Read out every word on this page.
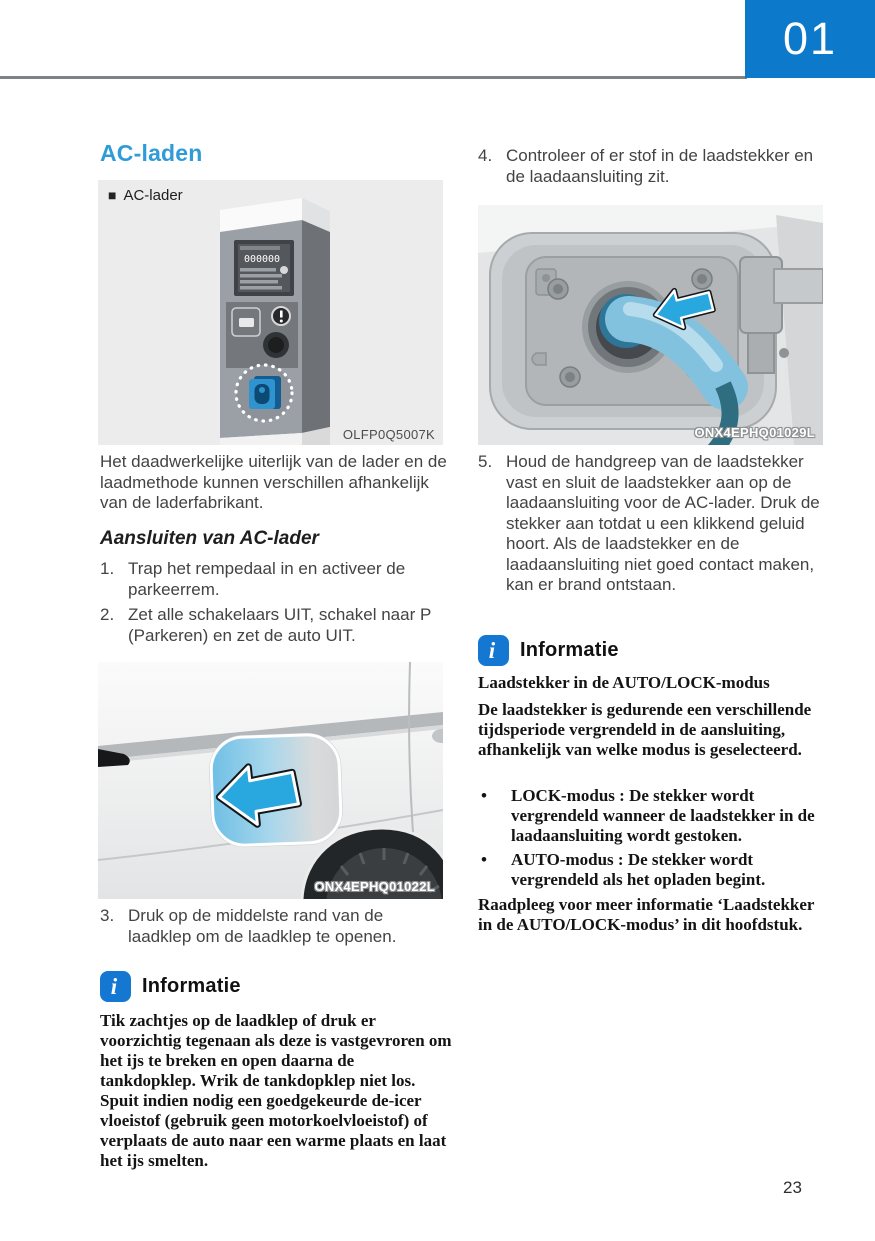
01
AC-laden
000000
■ AC-lader
OLFP0Q5007K
Het daadwerkelijke uiterlijk van de lader en de laadmethode kunnen verschillen afhankelijk van de laderfabrikant.
Aansluiten van AC-lader
1. Trap het rempedaal in en activeer de parkeerrem.
2. Zet alle schakelaars UIT, schakel naar P (Parkeren) en zet de auto UIT.
ONX4EPHQ01022L
3. Druk op de middelste rand van de laadklep om de laadklep te openen.
i	Informatie
Tik zachtjes op de laadklep of druk er voorzichtig tegenaan als deze is vastgevroren om het ijs te breken en open daarna de tankdopklep. Wrik de tankdopklep niet los. Spuit indien nodig een goedgekeurde de-icer vloeistof (gebruik geen motorkoelvloeistof) of verplaats de auto naar een warme plaats en laat het ijs smelten.
4. Controleer of er stof in de laadstekker en de laadaansluiting zit.
ONX4EPHQ01029L
5. Houd de handgreep van de laadstekker vast en sluit de laadstekker aan op de laadaansluiting voor de AC-lader. Druk de stekker aan totdat u een klikkend geluid hoort. Als de laadstekker en de laadaansluiting niet goed contact maken, kan er brand ontstaan.
i	Informatie
Laadstekker in de AUTO/LOCK-modus
De laadstekker is gedurende een verschillende tijdsperiode vergrendeld in de aansluiting, afhankelijk van welke modus is geselecteerd.
•	LOCK-modus : De stekker wordt vergrendeld wanneer de laadstekker in de laadaansluiting wordt gestoken.
•	AUTO-modus : De stekker wordt vergrendeld als het opladen begint.
Raadpleeg voor meer informatie ‘Laadstekker in de AUTO/LOCK-modus’ in dit hoofdstuk.
23
